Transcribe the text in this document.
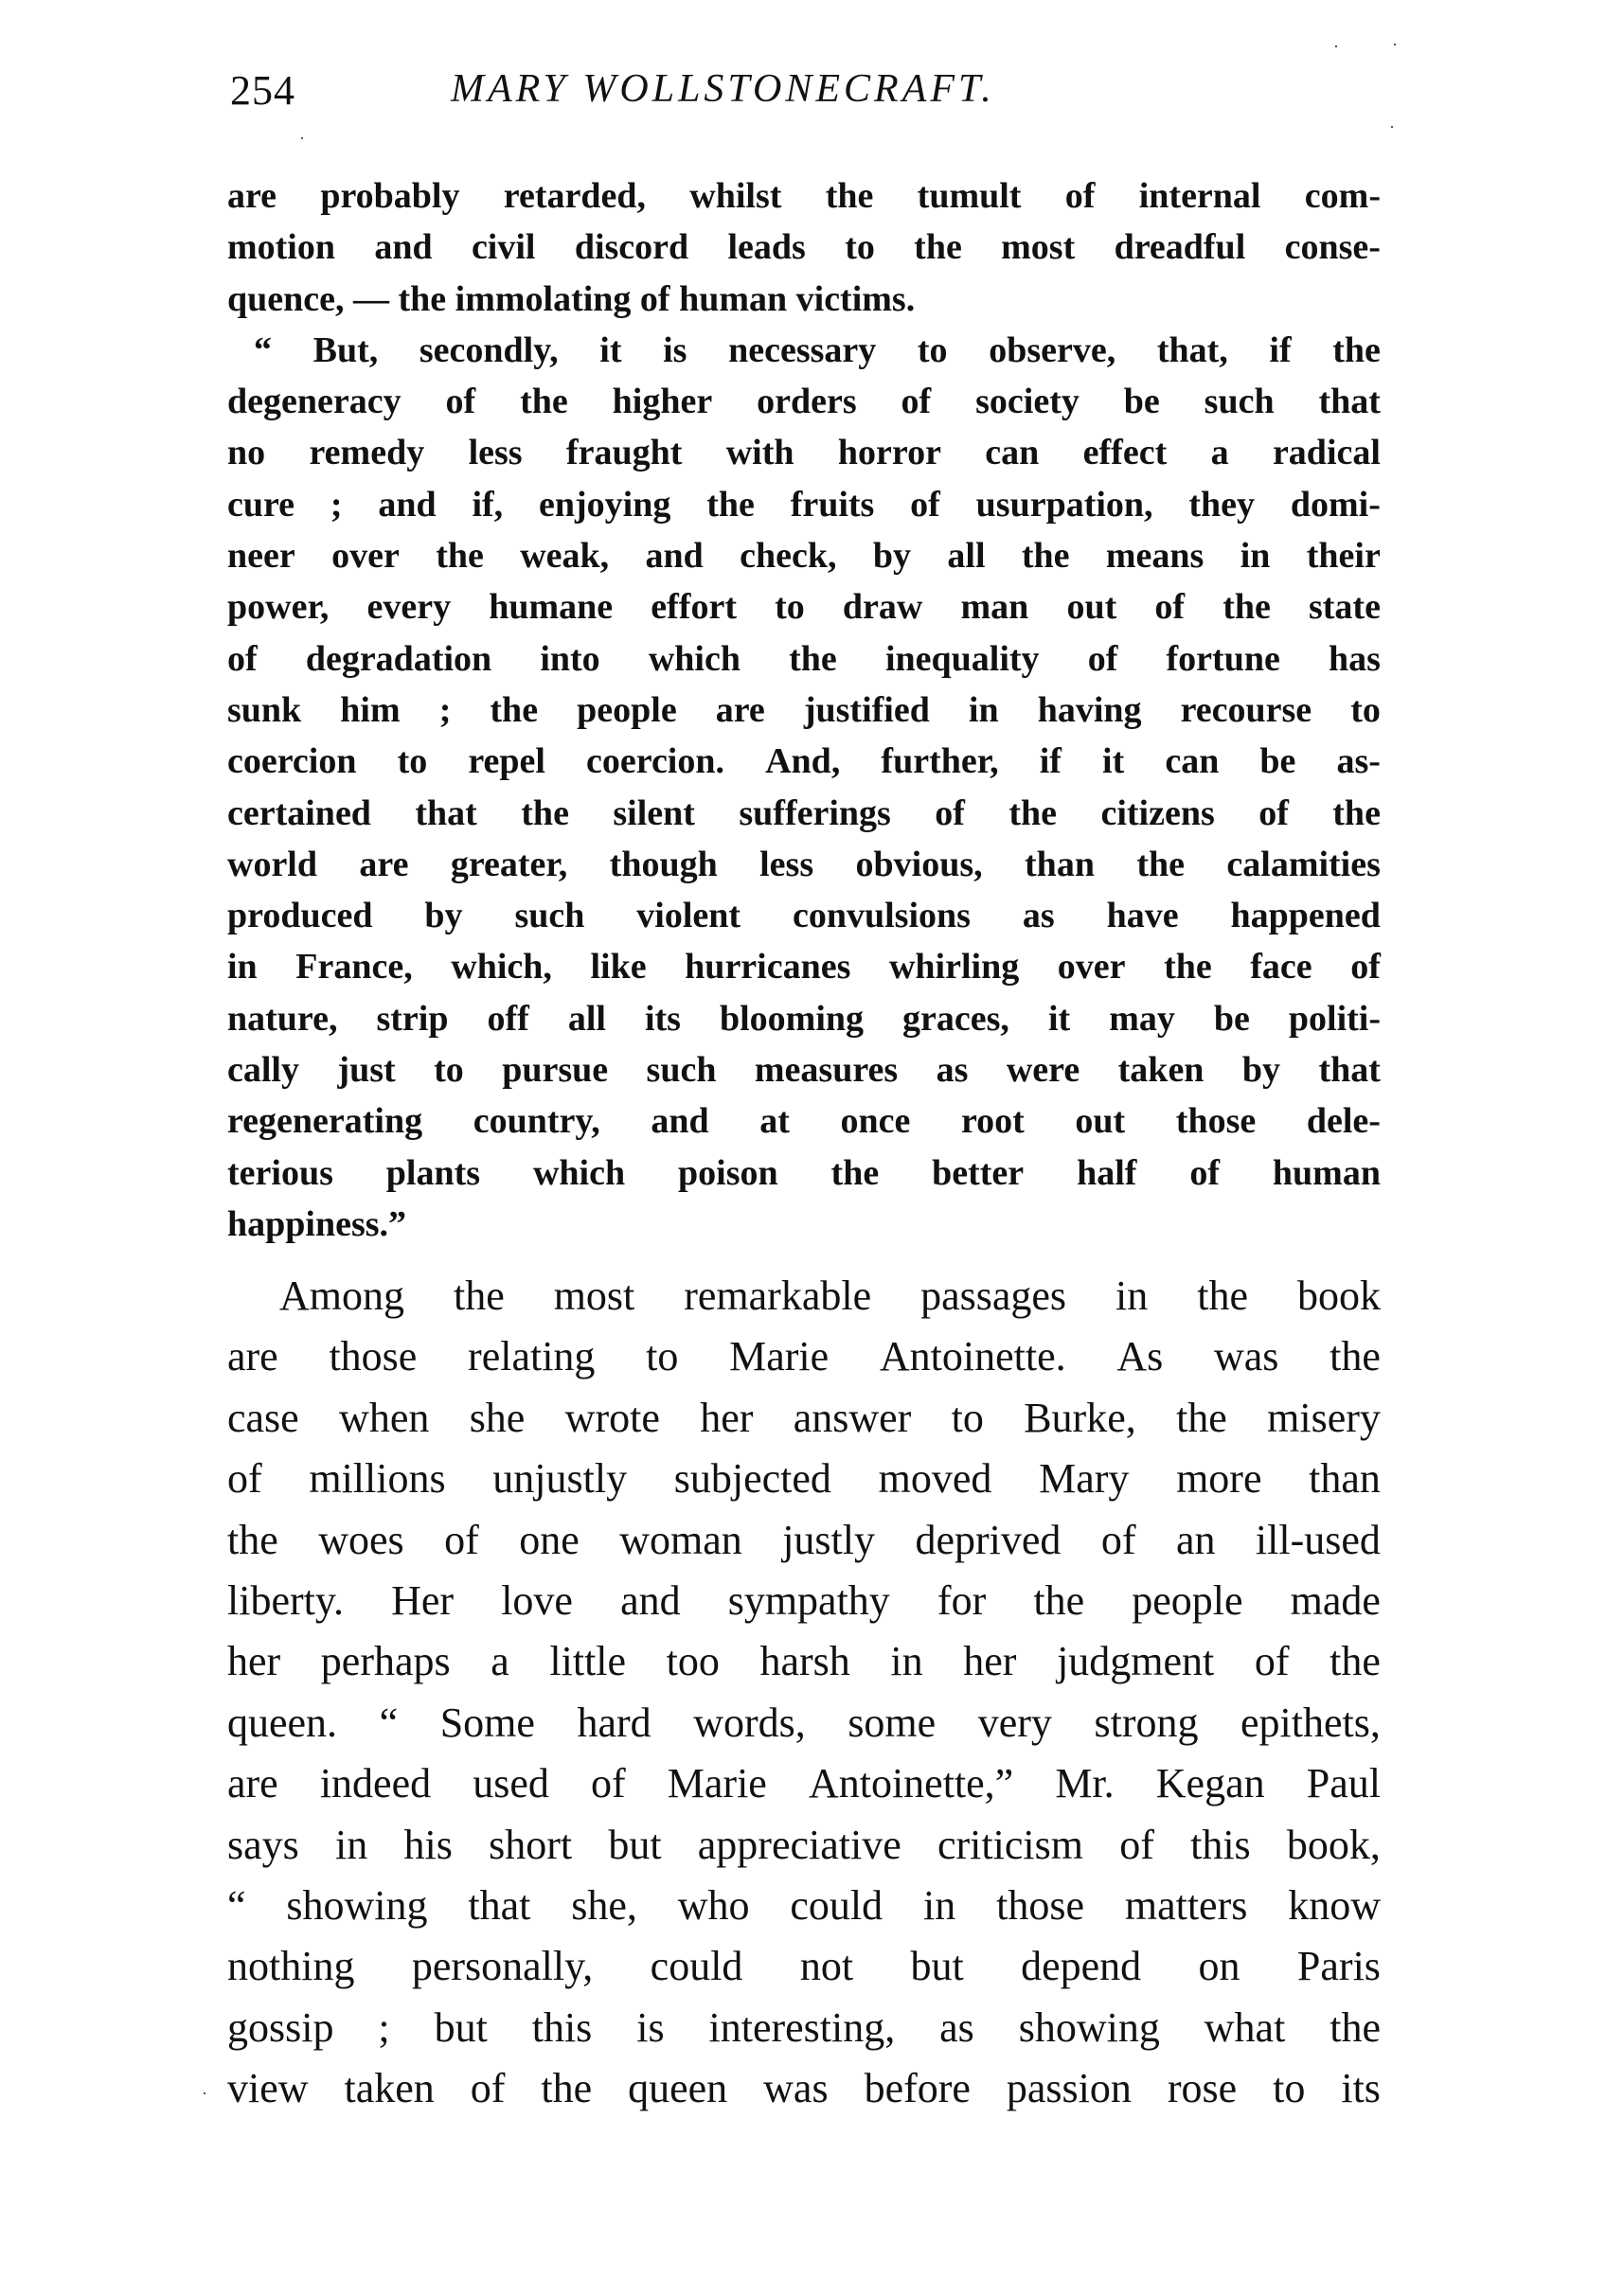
254	MARY WOLLSTONECRAFT.
are probably retarded, whilst the tumult of internal com-
motion and civil discord leads to the most dreadful conse-
quence, — the immolating of human victims.
“ But, secondly, it is necessary to observe, that, if the
degeneracy of the higher orders of society be such that
no remedy less fraught with horror can effect a radical
cure ; and if, enjoying the fruits of usurpation, they domi-
neer over the weak, and check, by all the means in their
power, every humane effort to draw man out of the state
of degradation into which the inequality of fortune has
sunk him ; the people are justified in having recourse to
coercion to repel coercion. And, further, if it can be as-
certained that the silent sufferings of the citizens of the
world are greater, though less obvious, than the calamities
produced by such violent convulsions as have happened
in France, which, like hurricanes whirling over the face of
nature, strip off all its blooming graces, it may be politi-
cally just to pursue such measures as were taken by that
regenerating country, and at once root out those dele-
terious plants which poison the better half of human
happiness.”
Among the most remarkable passages in the book
are those relating to Marie Antoinette. As was the
case when she wrote her answer to Burke, the misery
of millions unjustly subjected moved Mary more than
the woes of one woman justly deprived of an ill-used
liberty. Her love and sympathy for the people made
her perhaps a little too harsh in her judgment of the
queen. “ Some hard words, some very strong epithets,
are indeed used of Marie Antoinette,” Mr. Kegan Paul
says in his short but appreciative criticism of this book,
“ showing that she, who could in those matters know
nothing personally, could not but depend on Paris
gossip ; but this is interesting, as showing what the
view taken of the queen was before passion rose to its
